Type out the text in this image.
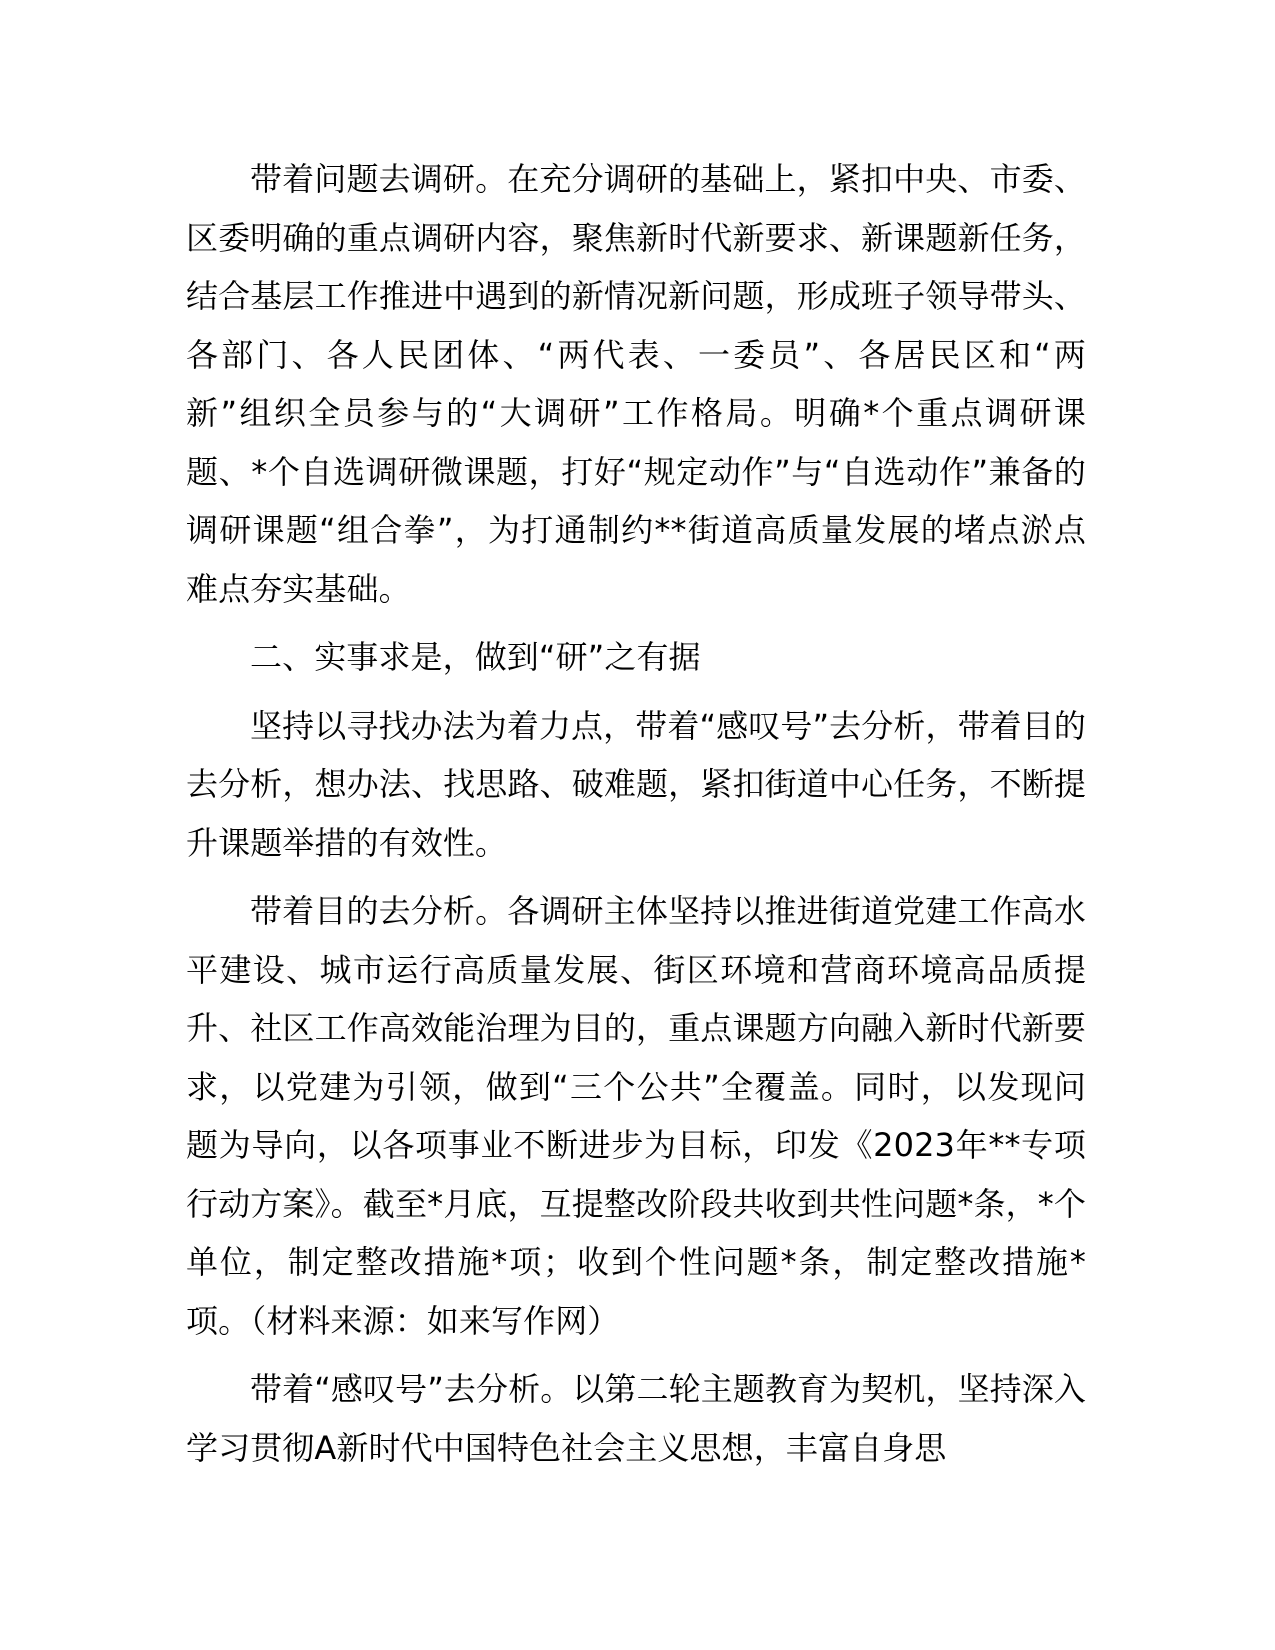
带着问题去调研。在充分调研的基础上，紧扣中央、市委、区委明确的重点调研内容，聚焦新时代新要求、新课题新任务，结合基层工作推进中遇到的新情况新问题，形成班子领导带头、各部门、各人民团体、“两代表、一委员”、各居民区和“两新”组织全员参与的“大调研”工作格局。明确*个重点调研课题、*个自选调研微课题，打好“规定动作”与“自选动作”兼备的调研课题“组合拳”，为打通制约**街道高质量发展的堵点淤点难点夯实基础。

二、实事求是，做到“研”之有据

坚持以寻找办法为着力点，带着“感叹号”去分析，带着目的去分析，想办法、找思路、破难题，紧扣街道中心任务，不断提升课题举措的有效性。

带着目的去分析。各调研主体坚持以推进街道党建工作高水平建设、城市运行高质量发展、街区环境和营商环境高品质提升、社区工作高效能治理为目的，重点课题方向融入新时代新要求，以党建为引领，做到“三个公共”全覆盖。同时，以发现问题为导向，以各项事业不断进步为目标，印发《2023年**专项行动方案》。截至*月底，互提整改阶段共收到共性问题*条，*个单位，制定整改措施*项；收到个性问题*条，制定整改措施*项。（材料来源：如来写作网）

带着“感叹号”去分析。以第二轮主题教育为契机，坚持深入学习贯彻A新时代中国特色社会主义思想，丰富自身思
